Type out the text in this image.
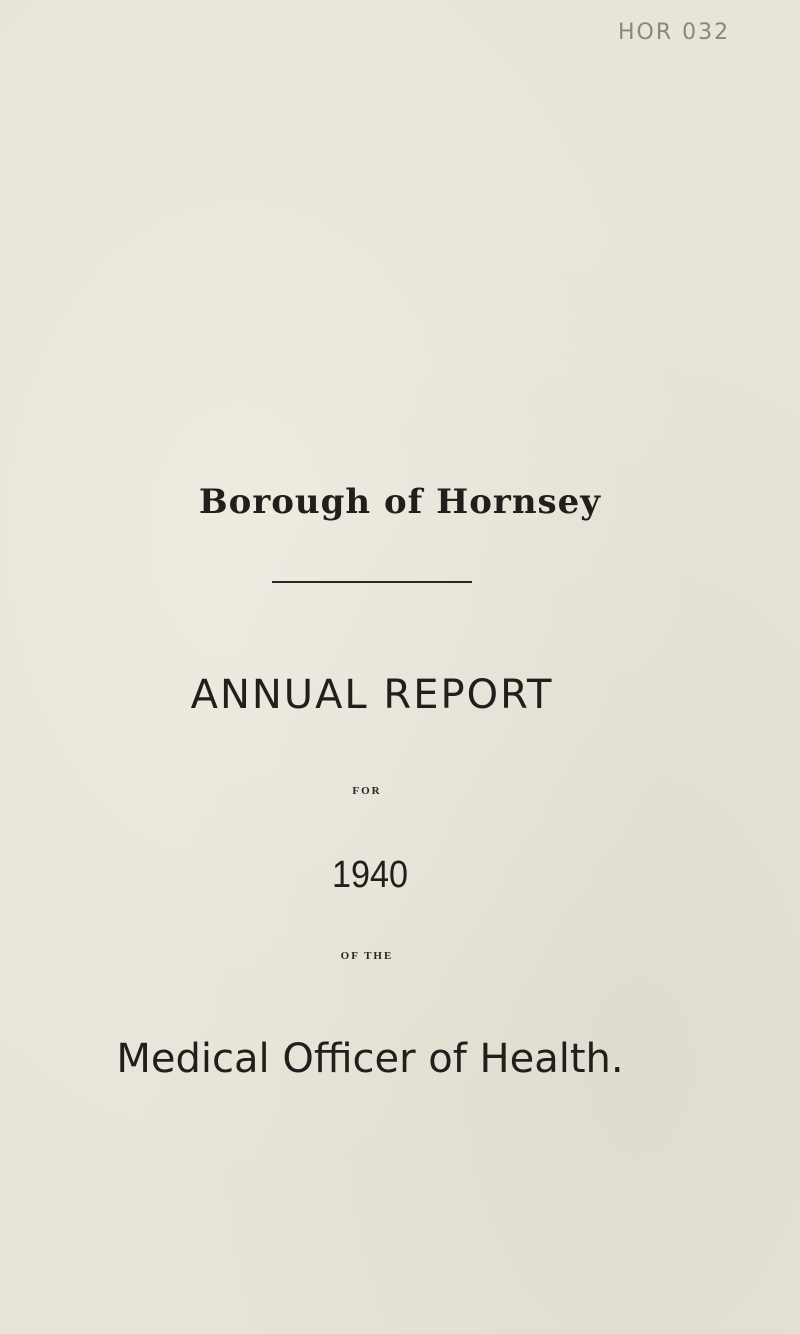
HOR 032
Borough of Hornsey
ANNUAL REPORT
FOR
1940
OF THE
Medical Officer of Health.
